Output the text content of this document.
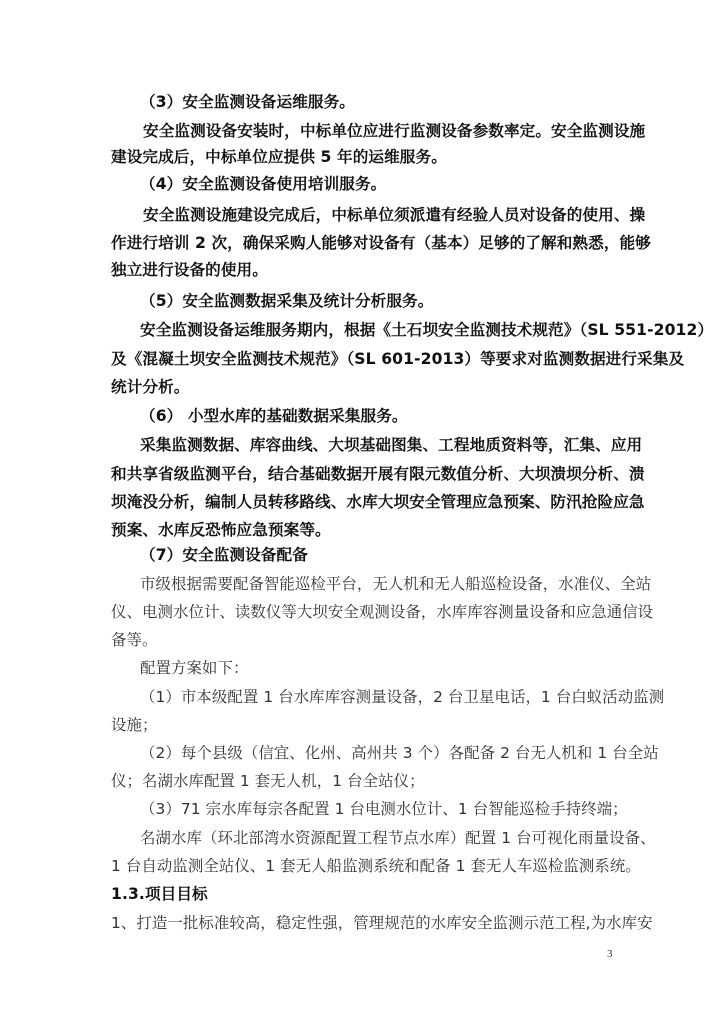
（3）安全监测设备运维服务。
安全监测设备安装时，中标单位应进行监测设备参数率定。安全监测设施
建设完成后，中标单位应提供 5 年的运维服务。
（4）安全监测设备使用培训服务。
安全监测设施建设完成后，中标单位须派遣有经验人员对设备的使用、操
作进行培训 2 次，确保采购人能够对设备有（基本）足够的了解和熟悉，能够
独立进行设备的使用。
（5）安全监测数据采集及统计分析服务。
安全监测设备运维服务期内，根据《土石坝安全监测技术规范》（SL 551-2012）
及《混凝土坝安全监测技术规范》（SL 601-2013）等要求对监测数据进行采集及
统计分析。
（6） 小型水库的基础数据采集服务。
采集监测数据、库容曲线、大坝基础图集、工程地质资料等，汇集、应用
和共享省级监测平台，结合基础数据开展有限元数值分析、大坝溃坝分析、溃
坝淹没分析，编制人员转移路线、水库大坝安全管理应急预案、防汛抢险应急
预案、水库反恐怖应急预案等。
（7）安全监测设备配备
市级根据需要配备智能巡检平台，无人机和无人船巡检设备，水准仪、全站
仪、电测水位计、读数仪等大坝安全观测设备，水库库容测量设备和应急通信设
备等。
配置方案如下：
（1）市本级配置 1 台水库库容测量设备，2 台卫星电话，1 台白蚁活动监测
设施；
（2）每个县级（信宜、化州、高州共 3 个）各配备 2 台无人机和 1 台全站
仪；名湖水库配置 1 套无人机，1 台全站仪；
（3）71 宗水库每宗各配置 1 台电测水位计、1 台智能巡检手持终端；
名湖水库（环北部湾水资源配置工程节点水库）配置 1 台可视化雨量设备、
1 台自动监测全站仪、1 套无人船监测系统和配备 1 套无人车巡检监测系统。
1.3.项目目标
1、打造一批标准较高，稳定性强，管理规范的水库安全监测示范工程,为水库安
3
